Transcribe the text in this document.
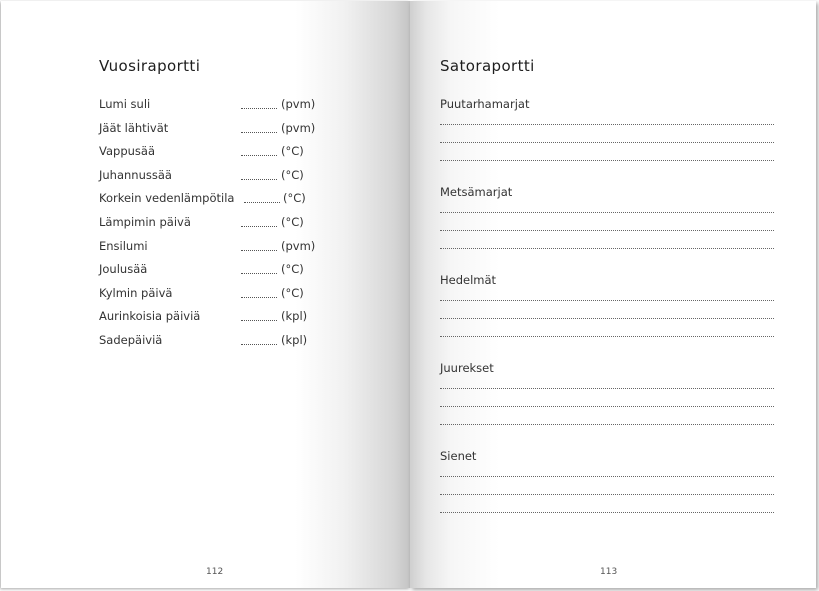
Vuosiraportti
Lumi suli	(pvm)
Jäät lähtivät	(pvm)
Vappusää	(°C)
Juhannussää	(°C)
Korkein vedenlämpötila	(°C)
Lämpimin päivä	(°C)
Ensilumi	(pvm)
Joulusää	(°C)
Kylmin päivä	(°C)
Aurinkoisia päiviä	(kpl)
Sadepäiviä	(kpl)
112
Satoraportti
Puutarhamarjat
Metsämarjat
Hedelmät
Juurekset
Sienet
113
